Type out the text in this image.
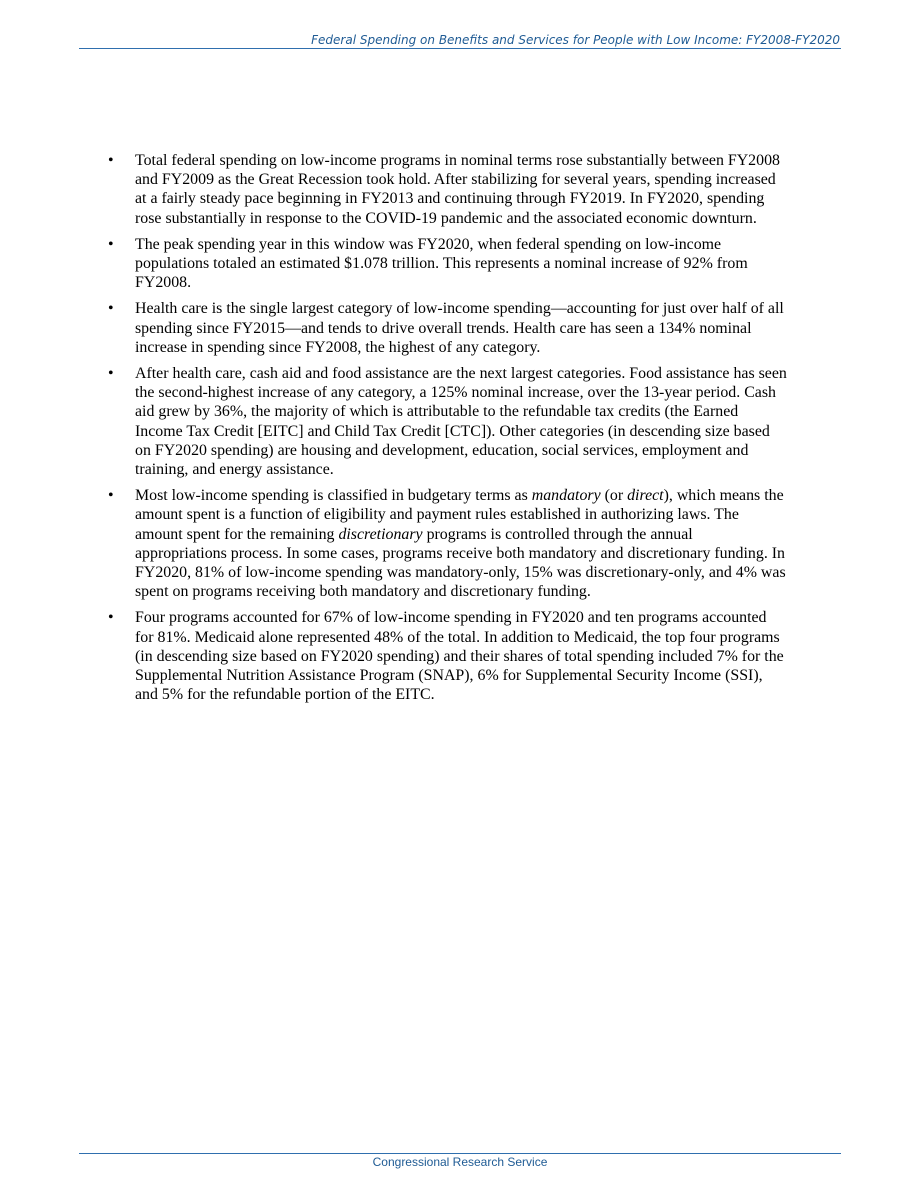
Federal Spending on Benefits and Services for People with Low Income: FY2008-FY2020
• Total federal spending on low-income programs in nominal terms rose substantially between FY2008 and FY2009 as the Great Recession took hold. After stabilizing for several years, spending increased at a fairly steady pace beginning in FY2013 and continuing through FY2019. In FY2020, spending rose substantially in response to the COVID-19 pandemic and the associated economic downturn.
• The peak spending year in this window was FY2020, when federal spending on low-income populations totaled an estimated $1.078 trillion. This represents a nominal increase of 92% from FY2008.
• Health care is the single largest category of low-income spending—accounting for just over half of all spending since FY2015—and tends to drive overall trends. Health care has seen a 134% nominal increase in spending since FY2008, the highest of any category.
• After health care, cash aid and food assistance are the next largest categories. Food assistance has seen the second-highest increase of any category, a 125% nominal increase, over the 13-year period. Cash aid grew by 36%, the majority of which is attributable to the refundable tax credits (the Earned Income Tax Credit [EITC] and Child Tax Credit [CTC]). Other categories (in descending size based on FY2020 spending) are housing and development, education, social services, employment and training, and energy assistance.
• Most low-income spending is classified in budgetary terms as mandatory (or direct), which means the amount spent is a function of eligibility and payment rules established in authorizing laws. The amount spent for the remaining discretionary programs is controlled through the annual appropriations process. In some cases, programs receive both mandatory and discretionary funding. In FY2020, 81% of low-income spending was mandatory-only, 15% was discretionary-only, and 4% was spent on programs receiving both mandatory and discretionary funding.
• Four programs accounted for 67% of low-income spending in FY2020 and ten programs accounted for 81%. Medicaid alone represented 48% of the total. In addition to Medicaid, the top four programs (in descending size based on FY2020 spending) and their shares of total spending included 7% for the Supplemental Nutrition Assistance Program (SNAP), 6% for Supplemental Security Income (SSI), and 5% for the refundable portion of the EITC.
Congressional Research Service
